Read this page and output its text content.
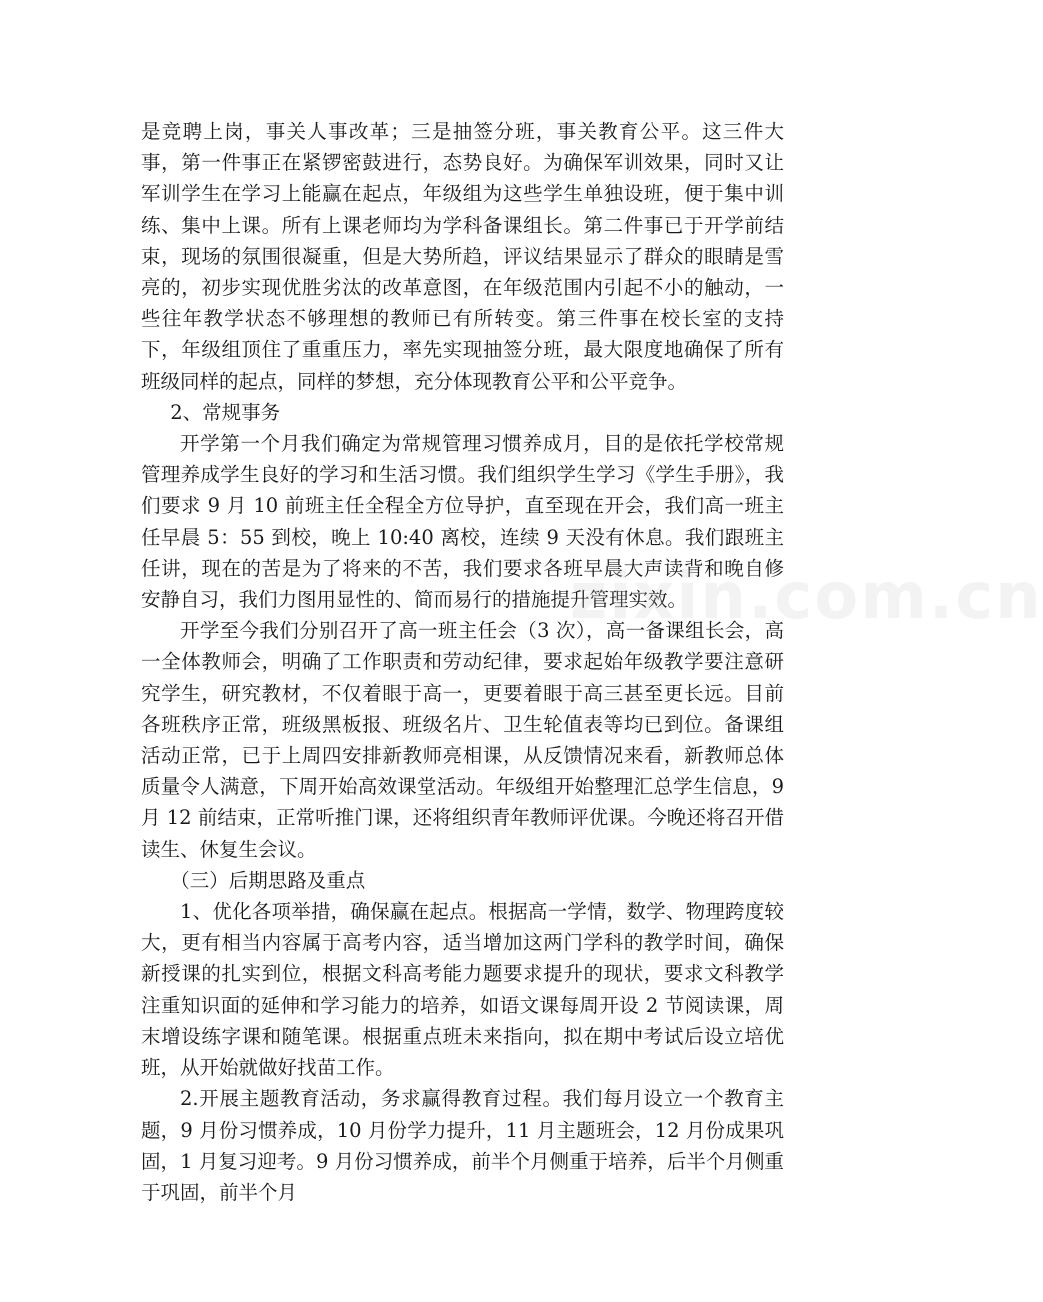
是竞聘上岗，事关人事改革；三是抽签分班，事关教育公平。这三件大事，第一件事正在紧锣密鼓进行，态势良好。为确保军训效果，同时又让军训学生在学习上能赢在起点，年级组为这些学生单独设班，便于集中训练、集中上课。所有上课老师均为学科备课组长。第二件事已于开学前结束，现场的氛围很凝重，但是大势所趋，评议结果显示了群众的眼睛是雪亮的，初步实现优胜劣汰的改革意图，在年级范围内引起不小的触动，一些往年教学状态不够理想的教师已有所转变。第三件事在校长室的支持下，年级组顶住了重重压力，率先实现抽签分班，最大限度地确保了所有班级同样的起点，同样的梦想，充分体现教育公平和公平竞争。

2、常规事务

开学第一个月我们确定为常规管理习惯养成月，目的是依托学校常规管理养成学生良好的学习和生活习惯。我们组织学生学习《学生手册》，我们要求 9 月 10 前班主任全程全方位导护，直至现在开会，我们高一班主任早晨 5：55 到校，晚上 10:40 离校，连续 9 天没有休息。我们跟班主任讲，现在的苦是为了将来的不苦，我们要求各班早晨大声读背和晚自修安静自习，我们力图用显性的、简而易行的措施提升管理实效。

开学至今我们分别召开了高一班主任会（3 次），高一备课组长会，高一全体教师会，明确了工作职责和劳动纪律，要求起始年级教学要注意研究学生，研究教材，不仅着眼于高一，更要着眼于高三甚至更长远。目前各班秩序正常，班级黑板报、班级名片、卫生轮值表等均已到位。备课组活动正常，已于上周四安排新教师亮相课，从反馈情况来看，新教师总体质量令人满意，下周开始高效课堂活动。年级组开始整理汇总学生信息，9 月 12 前结束，正常听推门课，还将组织青年教师评优课。今晚还将召开借读生、休复生会议。

（三）后期思路及重点

1、优化各项举措，确保赢在起点。根据高一学情，数学、物理跨度较大，更有相当内容属于高考内容，适当增加这两门学科的教学时间，确保新授课的扎实到位，根据文科高考能力题要求提升的现状，要求文科教学注重知识面的延伸和学习能力的培养，如语文课每周开设 2 节阅读课，周末增设练字课和随笔课。根据重点班未来指向，拟在期中考试后设立培优班，从开始就做好找苗工作。

2.开展主题教育活动，务求赢得教育过程。我们每月设立一个教育主题，9 月份习惯养成，10 月份学力提升，11 月主题班会，12 月份成果巩固，1 月复习迎考。9 月份习惯养成，前半个月侧重于培养，后半个月侧重于巩固，前半个月

zixin.com.cn
